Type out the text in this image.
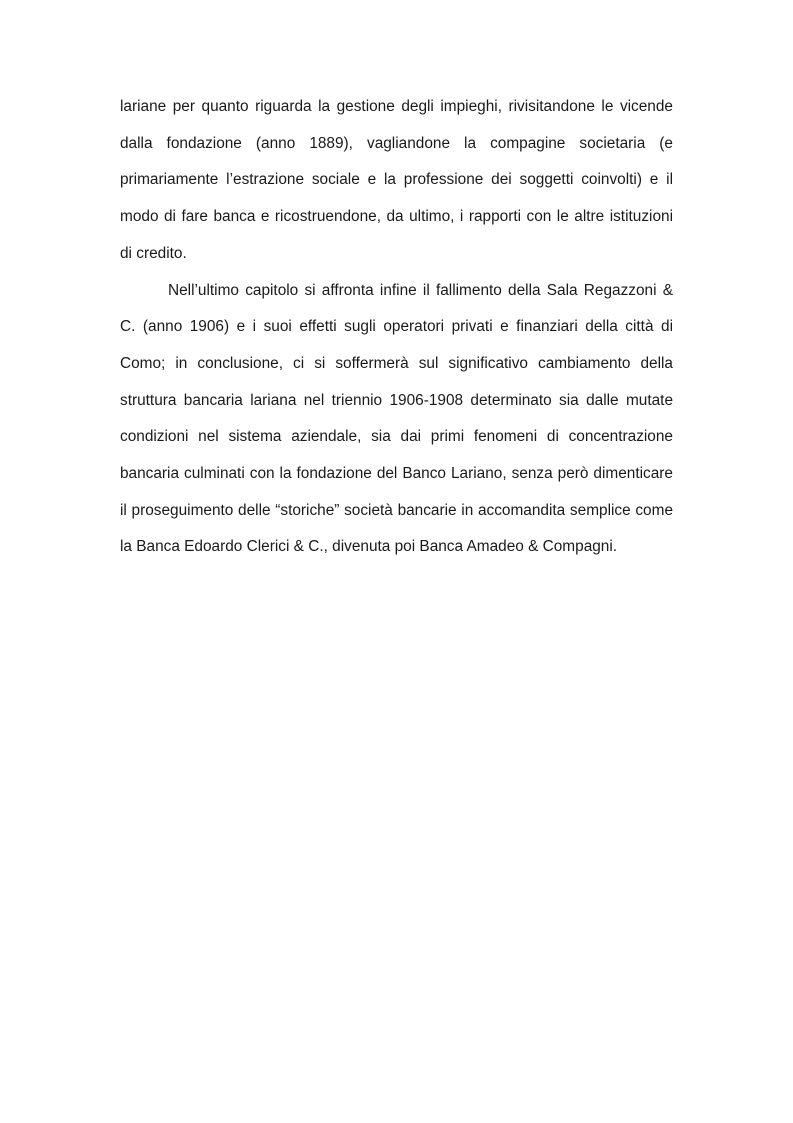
lariane per quanto riguarda la gestione degli impieghi, rivisitandone le vicende dalla fondazione (anno 1889), vagliandone la compagine societaria (e primariamente l’estrazione sociale e la professione dei soggetti coinvolti) e il modo di fare banca e ricostruendone, da ultimo, i rapporti con le altre istituzioni di credito.

Nell’ultimo capitolo si affronta infine il fallimento della Sala Regazzoni & C. (anno 1906) e i suoi effetti sugli operatori privati e finanziari della città di Como; in conclusione, ci si soffermerà sul significativo cambiamento della struttura bancaria lariana nel triennio 1906-1908 determinato sia dalle mutate condizioni nel sistema aziendale, sia dai primi fenomeni di concentrazione bancaria culminati con la fondazione del Banco Lariano, senza però dimenticare il proseguimento delle “storiche” società bancarie in accomandita semplice come la Banca Edoardo Clerici & C., divenuta poi Banca Amadeo & Compagni.
